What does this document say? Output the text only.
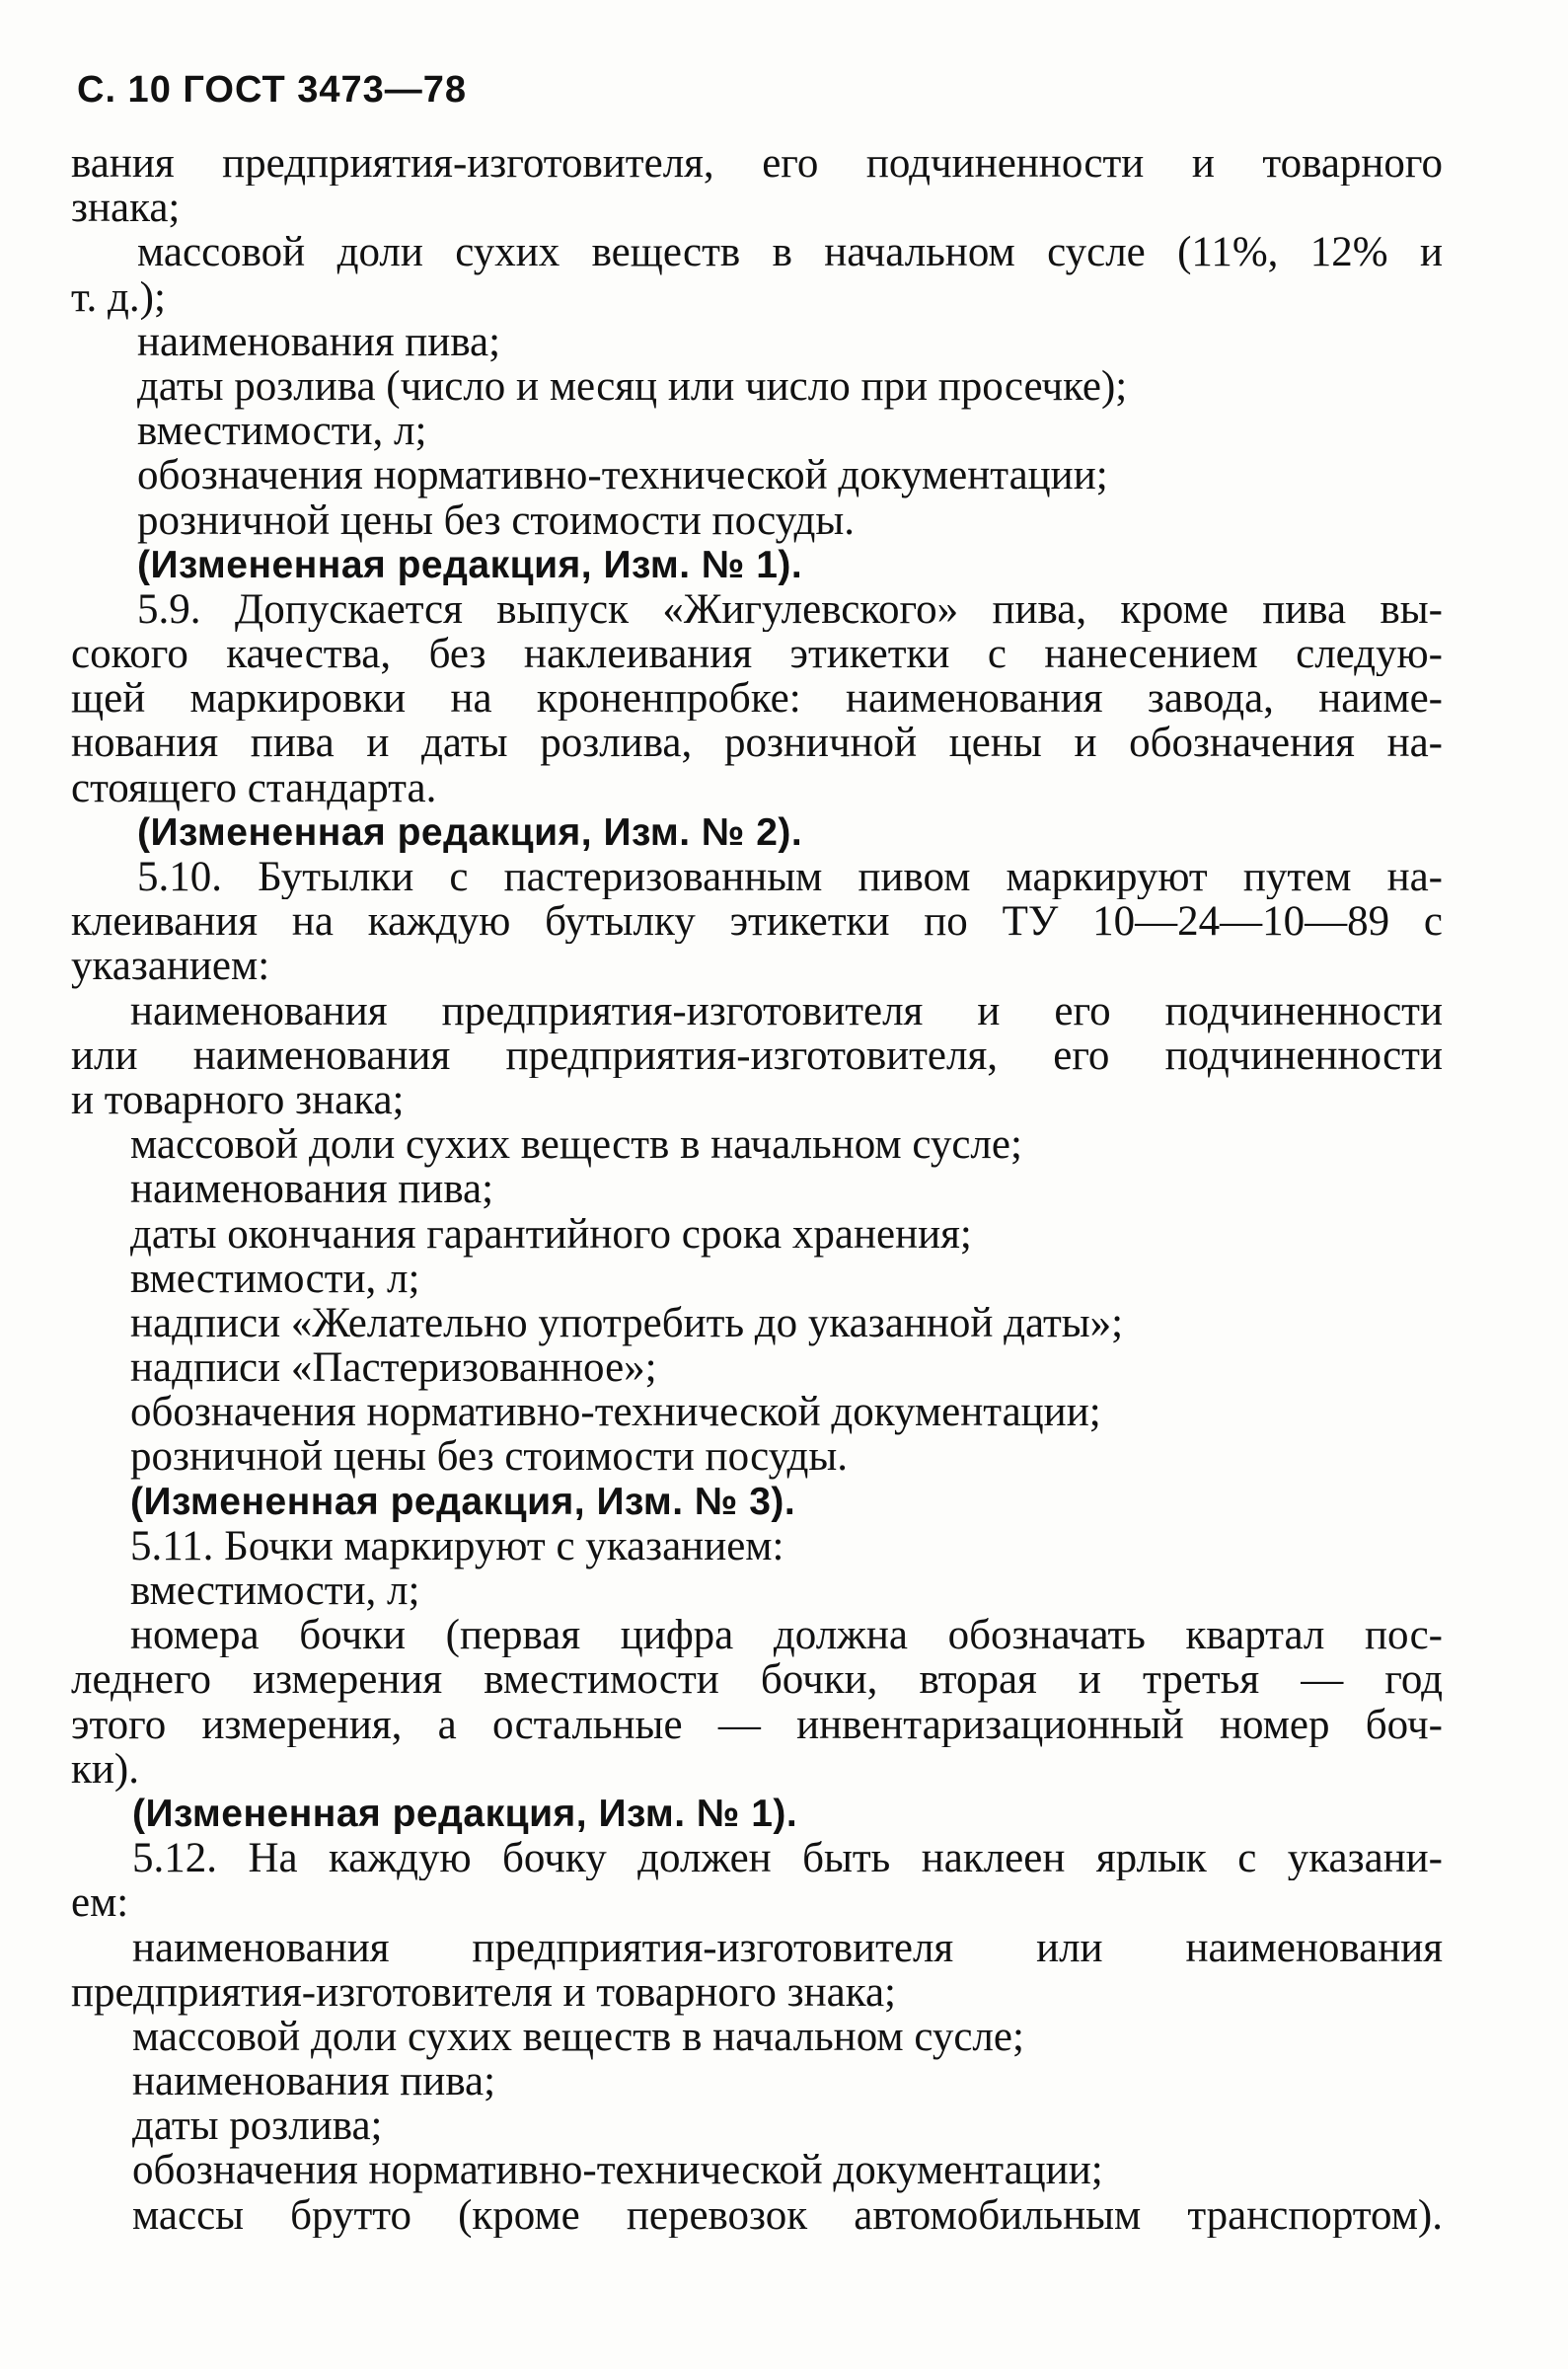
С. 10 ГОСТ 3473—78
вания предприятия-изготовителя, его подчиненности и товарного
знака;
массовой доли сухих веществ в начальном сусле (11%, 12% и
т. д.);
наименования пива;
даты розлива (число и месяц или число при просечке);
вместимости, л;
обозначения нормативно-технической документации;
розничной цены без стоимости посуды.
(Измененная редакция, Изм. № 1).
5.9. Допускается выпуск «Жигулевского» пива, кроме пива вы-
сокого качества, без наклеивания этикетки с нанесением следую-
щей маркировки на кроненпробке: наименования завода, наиме-
нования пива и даты розлива, розничной цены и обозначения на-
стоящего стандарта.
(Измененная редакция, Изм. № 2).
5.10. Бутылки с пастеризованным пивом маркируют путем на-
клеивания на каждую бутылку этикетки по ТУ 10—24—10—89 с
указанием:
наименования предприятия-изготовителя и его подчиненности
или наименования предприятия-изготовителя, его подчиненности
и товарного знака;
массовой доли сухих веществ в начальном сусле;
наименования пива;
даты окончания гарантийного срока хранения;
вместимости, л;
надписи «Желательно употребить до указанной даты»;
надписи «Пастеризованное»;
обозначения нормативно-технической документации;
розничной цены без стоимости посуды.
(Измененная редакция, Изм. № 3).
5.11. Бочки маркируют с указанием:
вместимости, л;
номера бочки (первая цифра должна обозначать квартал пос-
леднего измерения вместимости бочки, вторая и третья — год
этого измерения, а остальные — инвентаризационный номер боч-
ки).
(Измененная редакция, Изм. № 1).
5.12. На каждую бочку должен быть наклеен ярлык с указани-
ем:
наименования предприятия-изготовителя или наименования
предприятия-изготовителя и товарного знака;
массовой доли сухих веществ в начальном сусле;
наименования пива;
даты розлива;
обозначения нормативно-технической документации;
массы брутто (кроме перевозок автомобильным транспортом).
